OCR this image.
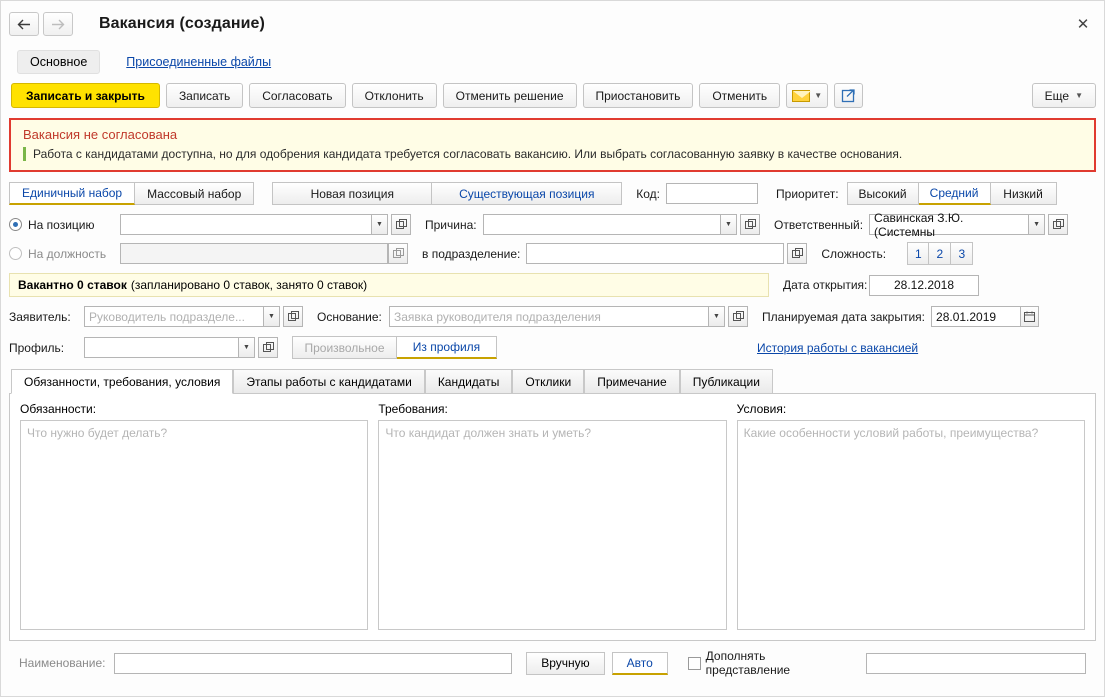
Вакансия (создание)	✕
Основное	Присоединенные файлы
Записать и закрыть	Записать	Согласовать	Отклонить	Отменить решение	Приостановить	Отменить	▼	Еще ▼
Вакансия не согласована
Работа с кандидатами доступна, но для одобрения кандидата требуется согласовать вакансию. Или выбрать согласованную заявку в качестве основания.
Единичный набор	Массовый набор	Новая позиция	Существующая позиция	Код:	Приоритет:	Высокий	Средний	Низкий
На позицию	▼	Причина:	▼	Ответственный: Савинская З.Ю. (Системны	▼
На должность	в подразделение:	Сложность:	1	2	3
Вакантно 0 ставок (запланировано 0 ставок, занято 0 ставок)	Дата открытия:	28.12.2018
Заявитель:	Руководитель подразделе...	▼	Основание:	Заявка руководителя подразделения	▼	Планируемая дата закрытия: 28.01.2019
Профиль:	▼	Произвольное	Из профиля	История работы с вакансией
Обязанности, требования, условия	Этапы работы с кандидатами	Кандидаты	Отклики	Примечание	Публикации
Обязанности:
Что нужно будет делать?
Требования:
Что кандидат должен знать и уметь?
Условия:
Какие особенности условий работы, преимущества?
Наименование:	Вручную	Авто	Дополнять представление
